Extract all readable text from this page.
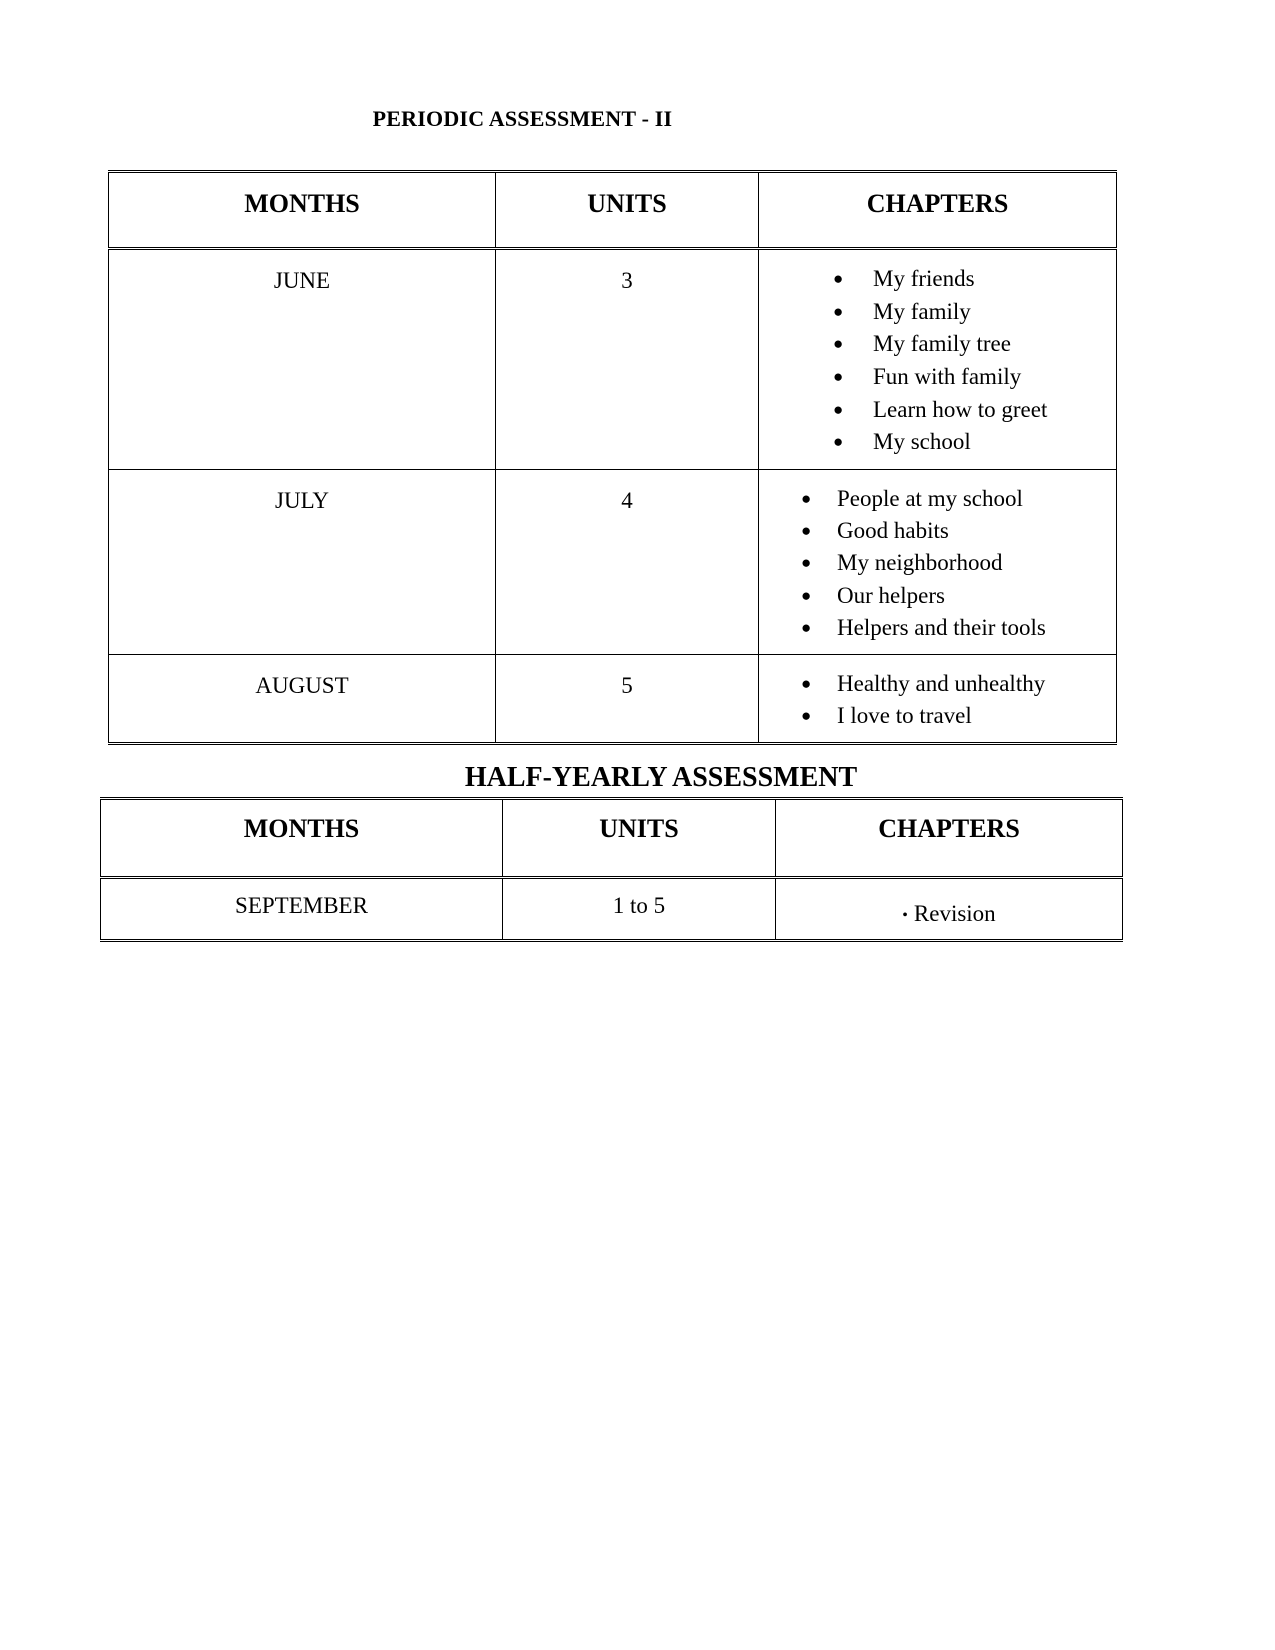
PERIODIC ASSESSMENT - II
MONTHS	UNITS	CHAPTERS

JUNE	3	● My friends
● My family
● My family tree
● Fun with family
● Learn how to greet
● My school

JULY	4	● People at my school
● Good habits
● My neighborhood
● Our helpers
● Helpers and their tools

AUGUST	5	● Healthy and unhealthy
● I love to travel
HALF-YEARLY ASSESSMENT
MONTHS	UNITS	CHAPTERS

SEPTEMBER	1 to 5	• Revision
